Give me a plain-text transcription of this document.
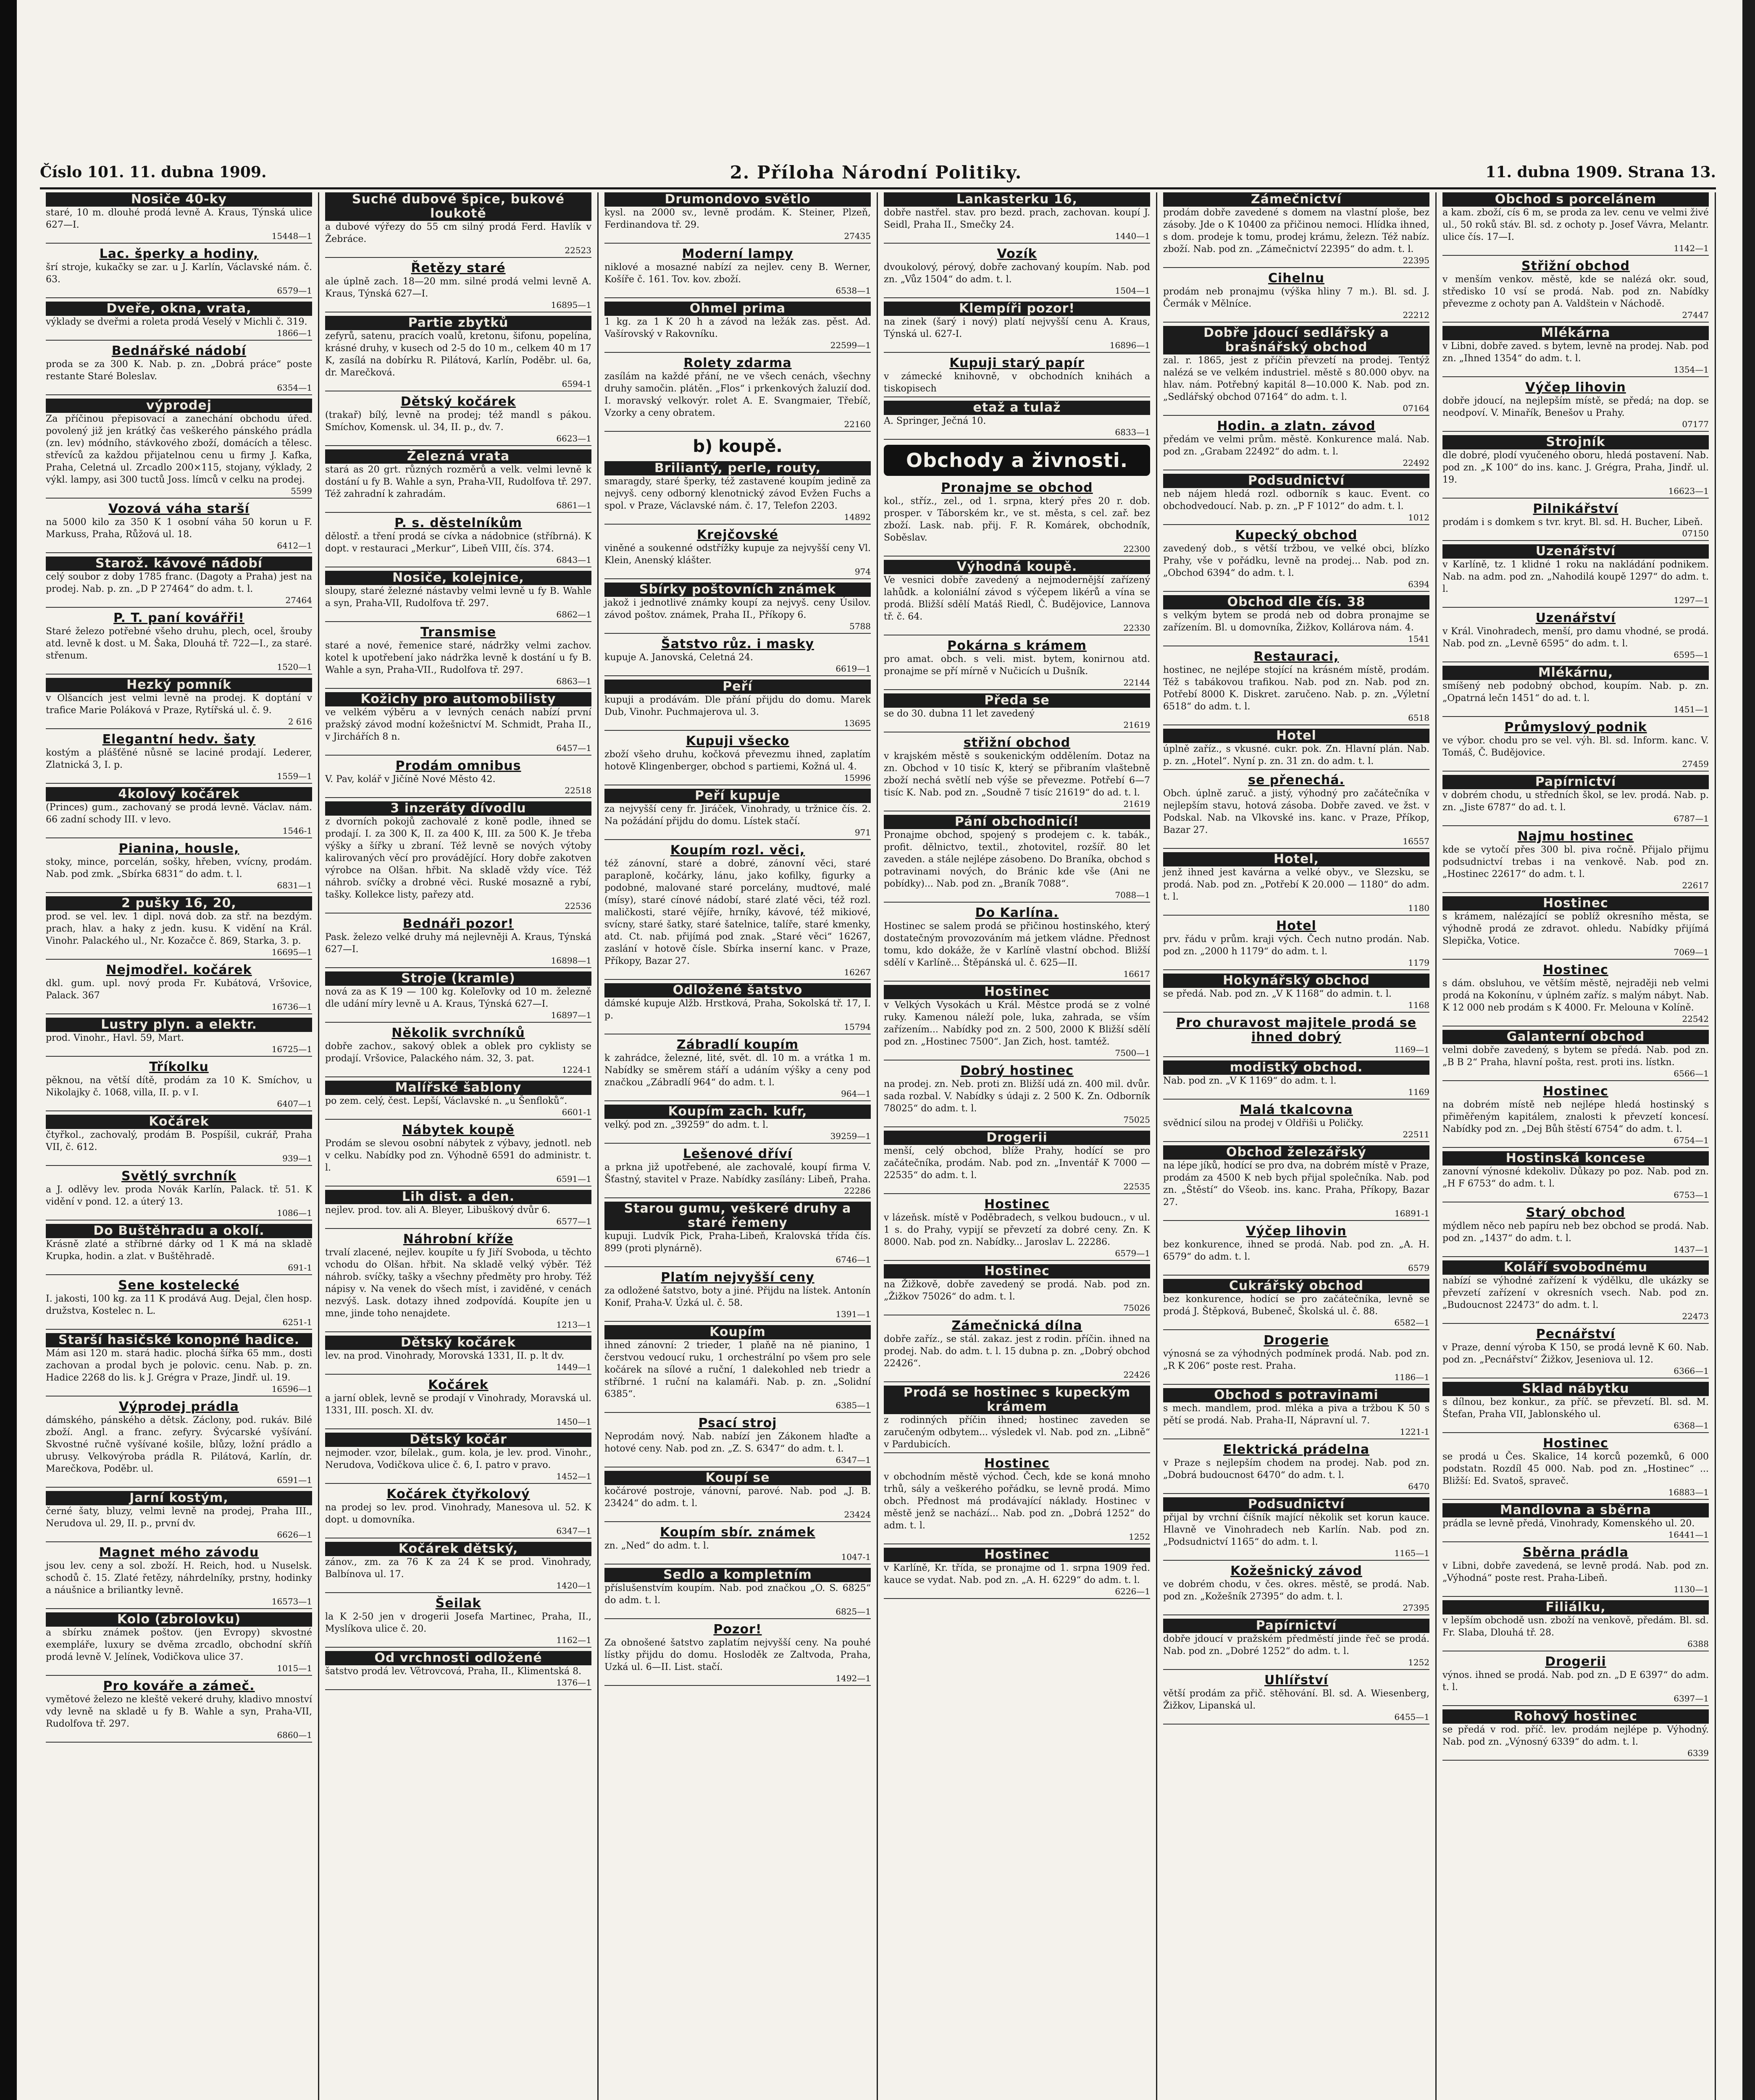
Číslo 101. 11. dubna 1909.	2. Příloha Národní Politiky.	11. dubna 1909. Strana 13.
Nosiče 40-ky
staré, 10 m. dlouhé prodá levně A. Kraus, Týnská ulice 627—I.
15448—1
Lac. šperky a hodiny,
šrí stroje, kukačky se zar. u J. Karlín, Václavské nám. č. 63.
6579—1
Dveře, okna, vrata,
výklady se dveřmi a roleta prodá Veselý v Michli č. 319.
1866—1
Bednářské nádobí
proda se za 300 K. Nab. p. zn. „Dobrá práce“ poste restante Staré Boleslav.
6354—1
výprodej
Za příčinou přepisovací a zanechání obchodu úřed. povolený již jen krátký čas veškerého pánského prádla (zn. lev) módního, stávkového zboží, domácích a tělesc. střevíců za každou přijatelnou cenu u firmy J. Kafka, Praha, Celetná ul. Zrcadlo 200×115, stojany, výklady, 2 výkl. lampy, asi 300 tuctů Joss. límců v celku na prodej.
5599
Vozová váha starší
na 5000 kilo za 350 K 1 osobní váha 50 korun u F. Markuss, Praha, Růžová ul. 18.
6412—1
Starož. kávové nádobí
celý soubor z doby 1785 franc. (Dagoty a Praha) jest na prodej. Nab. p. zn. „D P 27464“ do adm. t. l.
27464
P. T. paní kovářři!
Staré železo potřebné všeho druhu, plech, ocel, šrouby atd. levně k dost. u M. Šaka, Dlouhá tř. 722—I., za staré. střenum.
1520—1
Hezký pomník
v Olšancích jest velmi levně na prodej. K doptání v trafice Marie Poláková v Praze, Rytířská ul. č. 9.
2 616
Elegantní hedv. šaty
kostým a plášťěné nůsně se laciné prodají. Lederer, Zlatnická 3, I. p.
1559—1
4kolový kočárek
(Princes) gum., zachovaný se prodá levně. Václav. nám. 66 zadní schody III. v levo.
1546-1
Pianina, housle,
stoky, mince, porcelán, sošky, hřeben, vvícny, prodám. Nab. pod zmk. „Sbírka 6831“ do adm. t. l.
6831—1
2 pušky 16, 20,
prod. se vel. lev. 1 dipl. nová dob. za stř. na bezdým. prach, hlav. a haky z jedn. kusu. K vidění na Král. Vinohr. Palackého ul., Nr. Kozačce č. 869, Starka, 3. p.
16695—1
Nejmodřel. kočárek
dkl. gum. upl. nový proda Fr. Kubátová, Vršovice, Palack. 367
16736—1
Lustry plyn. a elektr.
prod. Vinohr., Havl. 59, Mart.
16725—1
Tříkolku
pěknou, na větší dítě, prodám za 10 K. Smíchov, u Nikolajky č. 1068, villa, II. p. v I.
6407—1
Kočárek
čtyřkol., zachovalý, prodám B. Pospíšil, cukrář, Praha VII, č. 612.
939—1
Světlý svrchník
a J. odlěvy lev. proda Novák Karlín, Palack. tř. 51. K vidění v pond. 12. a úterý 13.
1086—1
Do Buštěhradu a okolí.
Krásně zlaté a stříbrné dárky od 1 K má na skladě Krupka, hodin. a zlat. v Buštěhradě.
691-1
Sene kostelecké
I. jakosti, 100 kg. za 11 K prodává Aug. Dejal, člen hosp. družstva, Kostelec n. L.
6251-1
Starší hasičské konopné hadice.
Mám asi 120 m. stará hadic. plochá šířka 65 mm., dosti zachovan a prodal bych je polovic. cenu. Nab. p. zn. Hadice 2268 do lis. k J. Grégra v Praze, Jindř. ul. 19.
16596—1
Výprodej prádla
dámského, pánského a dětsk. Záclony, pod. rukáv. Bilé zboží. Angl. a franc. zefyry. Švýcarské vyšívání. Skvostné ručně vyšívané košile, blůzy, ložní prádlo a ubrusy. Velkovýroba prádla R. Pilátová, Karlín, dr. Marečkova, Poděbr. ul.
6591—1
Jarní kostým,
černé šaty, bluzy, velmi levně na prodej, Praha III., Nerudova ul. 29, II. p., první dv.
6626—1
Magnet mého závodu
jsou lev. ceny a sol. zboží. H. Reich, hod. u Nuselsk. schodů č. 15. Zlaté řetězy, náhrdelníky, prstny, hodinky a náušnice a briliantky levně.
16573—1
Kolo (zbrolovku)
a sbírku známek poštov. (jen Evropy) skvostné exempláře, luxury se dvěma zrcadlo, obchodní skříň prodá levně V. Jelínek, Vodičkova ulice 37.
1015—1
Pro kováře a zámeč.
vymětové železo ne kleště vekeré druhy, kladivo mnoství vdy levně na skladě u fy B. Wahle a syn, Praha-VII, Rudolfova tř. 297.
6860—1
Suché dubové špice, bukové loukotě
a dubové výřezy do 55 cm silný prodá Ferd. Havlík v Žebráce.
22523
Řetězy staré
ale úplně zach. 18—20 mm. silné prodá velmi levně A. Kraus, Týnská 627—I.
16895—1
Partie zbytků
zefyrů, satenu, pracích voalů, kretonu, šifonu, popelína, krásné druhy, v kusech od 2-5 do 10 m., celkem 40 m 17 K, zasílá na dobírku R. Pilátová, Karlín, Poděbr. ul. 6a, dr. Marečková.
6594-1
Dětský kočárek
(trakař) bílý, levně na prodej; též mandl s pákou. Smíchov, Komensk. ul. 34, II. p., dv. 7.
6623—1
Železná vrata
stará as 20 grt. různých rozměrů a velk. velmi levně k dostání u fy B. Wahle a syn, Praha-VII, Rudolfova tř. 297. Též zahradní k zahradám.
6861—1
P. s. děstelníkům
dělostř. a tření prodá se cívka a nádobnice (stříbrná). K dopt. v restauraci „Merkur“, Libeň VIII, čís. 374.
6843—1
Nosiče, kolejnice,
sloupy, staré železné nástavby velmi levně u fy B. Wahle a syn, Praha-VII, Rudolfova tř. 297.
6862—1
Transmise
staré a nové, řemenice staré, nádržky velmi zachov. kotel k upotřebení jako nádržka levně k dostání u fy B. Wahle a syn, Praha-VII., Rudolfova tř. 297.
6863—1
Kožichy pro automobilisty
ve velkém výběru a v levných cenách nabízí první pražský závod modní kožešnictví M. Schmidt, Praha II., v Jirchářích 8 n.
6457—1
Prodám omnibus
V. Pav, kolář v Jičíně Nové Město 42.
22518
3 inzeráty dívodlu
z dvorních pokojů zachovalé z koně podle, ihned se prodají. I. za 300 K, II. za 400 K, III. za 500 K. Je třeba výšky a šířky u zbraní. Též levně se nových výtoby kalirovaných věcí pro provádějící. Hory dobře zakotven výrobce na Olšan. hřbit. Na skladě vždy více. Též náhrob. svíčky a drobné věci. Ruské mosazně a rybí, tašky. Kollekce listy, pařezy atd.
22536
Bednáři pozor!
Pask. železo velké druhy má nejlevněji A. Kraus, Týnská 627—I.
16898—1
Stroje (kramle)
nová za as K 19 — 100 kg. Koleľovky od 10 m. železně dle udání míry levně u A. Kraus, Týnská 627—I.
16897—1
Několik svrchníků
dobře zachov., sakový oblek a oblek pro cyklisty se prodají. Vršovice, Palackého nám. 32, 3. pat.
1224-1
Malířské šablony
po zem. celý, čest. Lepší, Václavské n. „u Šenfloků“.
6601-1
Nábytek koupě
Prodám se slevou osobní nábytek z výbavy, jednotl. neb v celku. Nabídky pod zn. Výhodně 6591 do administr. t. l.
6591—1
Lih dist. a den.
nejlev. prod. tov. ali A. Bleyer, Libuškový dvůr 6.
6577—1
Náhrobní kříže
trvalí zlacené, nejlev. koupíte u fy Jiří Svoboda, u těchto vchodu do Olšan. hřbit. Na skladě velký výběr. Též náhrob. svíčky, tašky a všechny předměty pro hroby. Též nápisy v. Na venek do všech míst, i zaviděné, v cenách nezvýš. Lask. dotazy ihned zodpovídá. Koupíte jen u mne, jinde toho nenajdete.
1213—1
Dětský kočárek
lev. na prod. Vinohrady, Morovská 1331, II. p. lt dv.
1449—1
Kočárek
a jarní oblek, levně se prodají v Vinohrady, Moravská ul. 1331, III. posch. XI. dv.
1450—1
Dětský kočár
nejmoder. vzor, bílelak., gum. kola, je lev. prod. Vinohr., Nerudova, Vodičkova ulice č. 6, I. patro v pravo.
1452—1
Kočárek čtyřkolový
na prodej so lev. prod. Vinohrady, Manesova ul. 52. K dopt. u domovníka.
6347—1
Kočárek dětský,
zánov., zm. za 76 K za 24 K se prod. Vinohrady, Balbínova ul. 17.
1420—1
Šeilak
la K 2-50 jen v drogerii Josefa Martinec, Praha, II., Myslíkova ulice č. 20.
1162—1
Od vrchnosti odložené
šatstvo prodá lev. Větrovcová, Praha, II., Klimentská 8.
1376—1
Drumondovo světlo
kysl. na 2000 sv., levně prodám. K. Steiner, Plzeň, Ferdinandova tř. 29.
27435
Moderní lampy
niklové a mosazné nabízí za nejlev. ceny B. Werner, Košíře č. 161. Tov. kov. zboží.
6538—1
Ohmel prima
1 kg. za 1 K 20 h a závod na ležák zas. pěst. Ad. Vašírovský v Rakovníku.
22599—1
Rolety zdarma
zasílám na každé přání, ne ve všech cenách, všechny druhy samočin. plátěn. „Flos“ i prkenkových žaluzií dod. I. moravský velkovýr. rolet A. E. Svangmaier, Třebíč, Vzorky a ceny obratem.
22160
b) koupě.
Briliantý, perle, routy,
smaragdy, staré šperky, též zastavené koupím jedině za nejvyš. ceny odborný klenotnický závod Evžen Fuchs a spol. v Praze, Václavské nám. č. 17, Telefon 2203.
14892
Krejčovské
viněné a soukenné odstřížky kupuje za nejvyšší ceny Vl. Klein, Anenský klášter.
974
Sbírky poštovních známek
jakož i jednotlivé známky koupí za nejvyš. ceny Úsilov. závod poštov. známek, Praha II., Příkopy 6.
5788
Šatstvo růz. i masky
kupuje A. Janovská, Celetná 24.
6619—1
Peří
kupuji a prodávám. Dle přání přijdu do domu. Marek Dub, Vinohr. Puchmajerova ul. 3.
13695
Kupuji všecko
zboží všeho druhu, kočková převezmu ihned, zaplatím hotově Klingenberger, obchod s partiemi, Kožná ul. 4.
15996
Peří kupuje
za nejvyšší ceny fr. Jiráček, Vinohrady, u tržnice čís. 2. Na požádání přijdu do domu. Lístek stačí.
971
Koupím rozl. věci,
též zánovní, staré a dobré, zánovní věci, staré paraploně, kočárky, lánu, jako kofilky, figurky a podobné, malované staré porcelány, mudtové, malé (mísy), staré cínové nádobí, staré zlaté věci, též rozl. maličkosti, staré vějíře, hrníky, kávové, též mikiové, svícny, staré šatky, staré šatelnice, talíře, staré kmenky, atd. Ct. nab. přijímá pod znak. „Staré věci“ 16267, zaslání v hotově čísle. Sbírka inserní kanc. v Praze, Příkopy, Bazar 27.
16267
Odložené šatstvo
dámské kupuje Alžb. Hrstková, Praha, Sokolská tř. 17, I. p.
15794
Zábradlí koupím
k zahrádce, železné, lité, svět. dl. 10 m. a vrátka 1 m. Nabídky se směrem stáří a udáním výšky a ceny pod značkou „Zábradlí 964“ do adm. t. l.
964—1
Koupím zach. kufr,
velký. pod zn. „39259“ do adm. t. l.
39259—1
Lešenové dříví
a prkna již upotřebené, ale zachovalé, koupí firma V. Šťastný, stavitel v Praze. Nabídky zasílány: Libeň, Praha.
22286
Starou gumu, veškeré druhy a staré řemeny
kupuji. Ludvík Pick, Praha-Libeň, Kralovská třída čís. 899 (proti plynárně).
6746—1
Platím nejvyšší ceny
za odložené šatstvo, boty a jiné. Přijdu na lístek. Antonín Konif, Praha-V. Úzká ul. č. 58.
1391—1
Koupím
ihned zánovní: 2 trieder, 1 plaňě na ně pianino, 1 čerstvou vedoucí ruku, 1 orchestrální po všem pro sele kočárek na sílové a ruční, 1 dalekohled neb triedr a stříbrné. 1 ruční na kalamáři. Nab. p. zn. „Solidní 6385“.
6385—1
Psací stroj
Neprodám nový. Nab. nabízí jen Zákonem hlaďte a hotové ceny. Nab. pod zn. „Z. S. 6347“ do adm. t. l.
6347—1
Koupí se
kočárové postroje, vánovní, parové. Nab. pod „J. B. 23424“ do adm. t. l.
23424
Koupím sbír. známek
zn. „Ned“ do adm. t. l.
1047-1
Sedlo a kompletním
příslušenstvím koupím. Nab. pod značkou „O. S. 6825“ do adm. t. l.
6825—1
Pozor!
Za obnošené šatstvo zaplatím nejvyšší ceny. Na pouhé lístky přijdu do domu. Hosloděk ze Zaltvoda, Praha, Uzká ul. 6—II. List. stačí.
1492—1
Lankasterku 16,
dobře nastřel. stav. pro bezd. prach, zachovan. koupí J. Seidl, Praha II., Smečky 24.
1440—1
Vozík
dvoukolový, pérový, dobře zachovaný koupím. Nab. pod zn. „Vůz 1504“ do adm. t. l.
1504—1
Klempíři pozor!
na zinek (šarý i nový) platí nejvyšší cenu A. Kraus, Týnská ul. 627-I.
16896—1
Kupuji starý papír
v zámecké knihovně, v obchodních knihách a tiskopisech
etaž a tulaž
A. Springer, Ječná 10.
6833—1
Obchody a živnosti.
Pronajme se obchod
kol., stříz., zel., od 1. srpna, který přes 20 r. dob. prosper. v Táborském kr., ve st. města, s cel. zař. bez zboží. Lask. nab. přij. F. R. Komárek, obchodník, Soběslav.
22300
Výhodná koupě.
Ve vesnici dobře zavedený a nejmodernější zařízený lahůdk. a koloniální závod s výčepem likérů a vína se prodá. Bližší sdělí Matáš Riedl, Č. Budějovice, Lannova tř. č. 64.
22330
Pokárna s krámem
pro amat. obch. s veli. mist. bytem, konirnou atd. pronajme se pří mírně v Nučicích u Dušník.
22144
Předa se
se do 30. dubna 11 let zavedený
21619
střižní obchod
v krajském městě s soukenickým oddělením. Dotaz na zn. Obchod v 10 tisíc K, který se přibraním vlaštebně zboží nechá světlí neb výše se převezme. Potřebí 6—7 tisíc K. Nab. pod zn. „Soudně 7 tisíc 21619“ do ad. t. l.
21619
Pání obchodnicí!
Pronajme obchod, spojený s prodejem c. k. tabák., profit. dělnictvo, textil., zhotovitel, rozšíř. 80 let zaveden. a stále nejlépe zásobeno. Do Braníka, obchod s potravinami nových, do Bránic kde vše (Ani ne pobídky)... Nab. pod zn. „Braník 7088“.
7088—1
Do Karlína.
Hostinec se salem prodá se přičinou hostinského, který dostatečným provozováním má jetkem vládne. Přednost tomu, kdo dokáže, že v Karlíně vlastní obchod. Bližší sdělí v Karlíně... Štěpánská ul. č. 625—II.
16617
Hostinec
v Velkých Vysokách u Král. Městce prodá se z volné ruky. Kamenou náleží pole, luka, zahrada, se vším zařízením... Nabídky pod zn. 2 500, 2000 K Bližší sdělí pod zn. „Hostinec 7500“. Jan Zich, host. tamtéž.
7500—1
Dobrý hostinec
na prodej. zn. Neb. proti zn. Bližší udá zn. 400 mil. dvůr. sada rozbal. V. Nabídky s údaji z. 2 500 K. Zn. Odborník 78025“ do adm. t. l.
75025
Drogerii
menší, celý obchod, blíže Prahy, hodící se pro začátečníka, prodám. Nab. pod zn. „Inventář K 7000 — 22535“ do adm. t. l.
22535
Hostinec
v lázeňsk. místě v Poděbradech, s velkou budoucn., v ul. 1 s. do Prahy, vypijí se převzetí za dobré ceny. Zn. K 8000. Nab. pod zn. Nabídky... Jaroslav L. 22286.
6579—1
Hostinec
na Žižkově, dobře zavedený se prodá. Nab. pod zn. „Žižkov 75026“ do adm. t. l.
75026
Zámečnická dílna
dobře zaříz., se stál. zakaz. jest z rodin. příčin. ihned na prodej. Nab. do adm. t. l. 15 dubna p. zn. „Dobrý obchod 22426“.
22426
Prodá se hostinec s kupeckým krámem
z rodinných příčin ihned; hostinec zaveden se zaručeným odbytem... výsledek vl. Nab. pod zn. „Libně“ v Pardubicích.
Hostinec
v obchodním městě východ. Čech, kde se koná mnoho trhů, sály a veškerého pořádku, se levně prodá. Mimo obch. Přednost má prodávající náklady. Hostinec v městě jenž se nachází... Nab. pod zn. „Dobrá 1252“ do adm. t. l.
1252
Hostinec
v Karlíně, Kr. třída, se pronajme od 1. srpna 1909 řed. kauce se vydat. Nab. pod zn. „A. H. 6229“ do adm. t. l.
6226—1
Zámečnictví
prodám dobře zavedené s domem na vlastní ploše, bez zásoby. Jde o K 10400 za přičinou nemoci. Hlídka ihned, s dom. prodeje k tomu, prodej krámu, železn. Též nabíz. zboží. Nab. pod zn. „Zámečnictví 22395“ do adm. t. l.
22395
Cihelnu
prodám neb pronajmu (výška hliny 7 m.). Bl. sd. J. Čermák v Mělníce.
22212
Dobře jdoucí sedlářský a brašnářský obchod
zal. r. 1865, jest z příčin převzetí na prodej. Tentýž nalézá se ve velkém industriel. městě s 80.000 obyv. na hlav. nám. Potřebný kapitál 8—10.000 K. Nab. pod zn. „Sedlářský obchod 07164“ do adm. t. l.
07164
Hodin. a zlatn. závod
předám ve velmi prům. městě. Konkurence malá. Nab. pod zn. „Grabam 22492“ do adm. t. l.
22492
Podsudnictví
neb nájem hledá rozl. odborník s kauc. Event. co obchodvedoucí. Nab. p. zn. „P F 1012“ do adm. t. l.
1012
Kupecký obchod
zavedený dob., s větší tržbou, ve velké obci, blízko Prahy, vše v pořádku, levně na prodej... Nab. pod zn. „Obchod 6394“ do adm. t. l.
6394
Obchod dle čís. 38
s velkým bytem se prodá neb od dobra pronajme se zařízením. Bl. u domovníka, Žižkov, Kollárova nám. 4.
1541
Restauraci,
hostinec, ne nejlépe stojící na krásném místě, prodám. Též s tabákovou trafikou. Nab. pod zn. Nab. pod zn. Potřebí 8000 K. Diskret. zaručeno. Nab. p. zn. „Výletní 6518“ do adm. t. l.
6518
Hotel
úplně zaříz., s vkusné. cukr. pok. Zn. Hlavní plán. Nab. p. zn. „Hotel“. Nyní p. zn. 31 zn. do adm. t. l.
se přenechá.
Obch. úplně zaruč. a jistý, výhodný pro začátečníka v nejlepším stavu, hotová zásoba. Dobře zaved. ve žst. v Podskal. Nab. na Vlkovské ins. kanc. v Praze, Příkop, Bazar 27.
16557
Hotel,
jenž ihned jest kavárna a velké obyv., ve Slezsku, se prodá. Nab. pod zn. „Potřebí K 20.000 — 1180“ do adm. t. l.
1180
Hotel
prv. řádu v prům. kraji vých. Čech nutno prodán. Nab. pod zn. „2000 h 1179“ do adm. t. l.
1179
Hokynářský obchod
se předá. Nab. pod zn. „V K 1168“ do admin. t. l.
1168
Pro churavost majitele prodá se ihned dobrý
1169—1
modistký obchod.
Nab. pod zn. „V K 1169“ do adm. t. l.
1169
Malá tkalcovna
svědnicí silou na prodej v Oldřiši u Poličky.
22511
Obchod železářský
na lépe jíků, hodící se pro dva, na dobrém místě v Praze, prodám za 4500 K neb bych přijal společníka. Nab. pod zn. „Štěstí“ do Všeob. ins. kanc. Praha, Příkopy, Bazar 27.
16891-1
Výčep lihovin
bez konkurence, ihned se prodá. Nab. pod zn. „A. H. 6579“ do adm. t. l.
6579
Cukrářský obchod
bez konkurence, hodící se pro začátečníka, levně se prodá J. Štěpková, Bubeneč, Školská ul. č. 88.
6582—1
Drogerie
výnosná se za výhodných podmínek prodá. Nab. pod zn. „R K 206“ poste rest. Praha.
1186—1
Obchod s potravinami
s mech. mandlem, prod. mléka a piva a tržbou K 50 s pětí se prodá. Nab. Praha-II, Nápravní ul. 7.
1221-1
Elektrická prádelna
v Praze s nejlepším chodem na prodej. Nab. pod zn. „Dobrá budoucnost 6470“ do adm. t. l.
6470
Podsudnictví
přijal by vrchní číšník mající několik set korun kauce. Hlavně ve Vinohradech neb Karlín. Nab. pod zn. „Podsudnictví 1165“ do adm. t. l.
1165—1
Kožešnický závod
ve dobrém chodu, v čes. okres. městě, se prodá. Nab. pod zn. „Kožešník 27395“ do adm. t. l.
27395
Papírnictví
dobře jdoucí v pražském předměstí jinde řeč se prodá. Nab. pod zn. „Dobré 1252“ do adm. t. l.
1252
Uhlířství
větší prodám za přič. stěhování. Bl. sd. A. Wiesenberg, Žižkov, Lipanská ul.
6455—1
Obchod s porcelánem
a kam. zboží, cís 6 m, se proda za lev. cenu ve velmi živé ul., 50 roků stáv. Bl. sd. z ochoty p. Josef Vávra, Melantr. ulice čís. 17—I.
1142—1
Střižní obchod
v menším venkov. městě, kde se nalézá okr. soud, středisko 10 vsí se prodá. Nab. pod zn. Nabídky převezme z ochoty pan A. Valdštein v Náchodě.
27447
Mlékárna
v Libni, dobře zaved. s bytem, levně na prodej. Nab. pod zn. „Ihned 1354“ do adm. t. l.
1354—1
Výčep lihovin
dobře jdoucí, na nejlepším místě, se předá; na dop. se neodpoví. V. Minařík, Benešov u Prahy.
07177
Strojník
dle dobré, plodí vyučeného oboru, hledá postavení. Nab. pod zn. „K 100“ do ins. kanc. J. Grégra, Praha, Jindř. ul. 19.
16623—1
Pilnikářství
prodám i s domkem s tvr. kryt. Bl. sd. H. Bucher, Libeň.
07150
Uzenářství
v Karlíně, tz. 1 klidné 1 roku na nakládání podnikem. Nab. na adm. pod zn. „Nahodilá koupě 1297“ do adm. t. l.
1297—1
Uzenářství
v Král. Vinohradech, menší, pro damu vhodné, se prodá. Nab. pod zn. „Levně 6595“ do adm. t. l.
6595—1
Mlékárnu,
smíšený neb podobný obchod, koupím. Nab. p. zn. „Opatrná lečn 1451“ do ad. t. l.
1451—1
Průmyslový podnik
ve výbor. chodu pro se vel. výh. Bl. sd. Inform. kanc. V. Tomáš, Č. Budějovice.
27459
Papírnictví
v dobrém chodu, u středních škol, se lev. prodá. Nab. p. zn. „Jiste 6787“ do ad. t. l.
6787—1
Najmu hostinec
kde se vytočí přes 300 bl. piva ročně. Přijalo přijmu podsudnictví trebas i na venkově. Nab. pod zn. „Hostinec 22617“ do adm. t. l.
22617
Hostinec
s krámem, nalézající se poblíž okresního města, se výhodně prodá ze zdravot. ohledu. Nabídky přijímá Slepička, Votice.
7069—1
Hostinec
s dám. obsluhou, ve větším městě, nejraději neb velmi prodá na Kokonínu, v úplném zaříz. s malým nábyt. Nab. K 12 000 neb prodám s K 4000. Fr. Melouna v Kolíně.
22542
Galanterní obchod
velmi dobře zavedený, s bytem se předá. Nab. pod zn. „B B 2“ Praha, hlavní pošta, rest. proti ins. lístkn.
6566—1
Hostinec
na dobrém místě neb nejlépe hledá hostinský s přiměřeným kapitálem, znalosti k převzetí koncesí. Nabídky pod zn. „Dej Bůh štěstí 6754“ do adm. t. l.
6754—1
Hostinská koncese
zanovní výnosné kdekoliv. Důkazy po poz. Nab. pod zn. „H F 6753“ do adm. t. l.
6753—1
Starý obchod
mýdlem něco neb papíru neb bez obchod se prodá. Nab. pod zn. „1437“ do adm. t. l.
1437—1
Koláří svobodnému
nabízí se výhodné zařízení k výdělku, dle ukázky se převzetí zařízení v okresních vsech. Nab. pod zn. „Budoucnost 22473“ do adm. t. l.
22473
Pecnářství
v Praze, denní výroba K 150, se prodá levně K 60. Nab. pod zn. „Pecnářství“ Žižkov, Jeseniova ul. 12.
6366—1
Sklad nábytku
s dílnou, bez konkur., za příč. se převzetí. Bl. sd. M. Štefan, Praha VII, Jablonského ul.
6368—1
Hostinec
se prodá u Čes. Skalice, 14 korců pozemků, 6 000 podstatn. Rozdíl 45 000. Nab. pod zn. „Hostinec“ ... Bližší: Ed. Svatoš, spraveč.
16883—1
Mandlovna a sběrna
prádla se levně předá, Vinohrady, Komenského ul. 20.
16441—1
Sběrna prádla
v Libni, dobře zavedená, se levně prodá. Nab. pod zn. „Výhodná“ poste rest. Praha-Libeň.
1130—1
Filiálku,
v lepším obchodě usn. zboží na venkově, předám. Bl. sd. Fr. Slaba, Dlouhá tř. 28.
6388
Drogerii
výnos. ihned se prodá. Nab. pod zn. „D E 6397“ do adm. t. l.
6397—1
Rohový hostinec
se předá v rod. příč. lev. prodám nejlépe p. Výhodný. Nab. pod zn. „Výnosný 6339“ do adm. t. l.
6339
